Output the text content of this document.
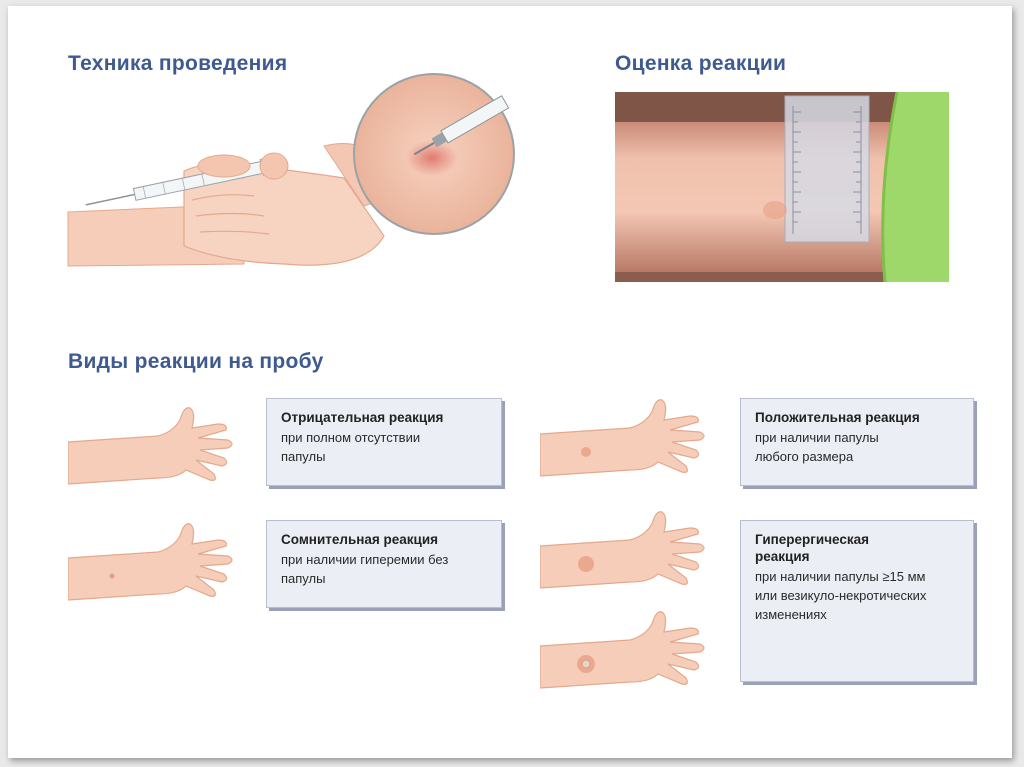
Техника проведения	Оценка реакции
Виды реакции на пробу
Отрицательная реакция
при полном отсутствии папулы
Сомнительная реакция
при наличии гиперемии без папулы
Положительная реакция
при наличии папулы любого размера
Гиперергическая реакция
при наличии папулы ≥15 мм или везикуло-некротических изменениях
